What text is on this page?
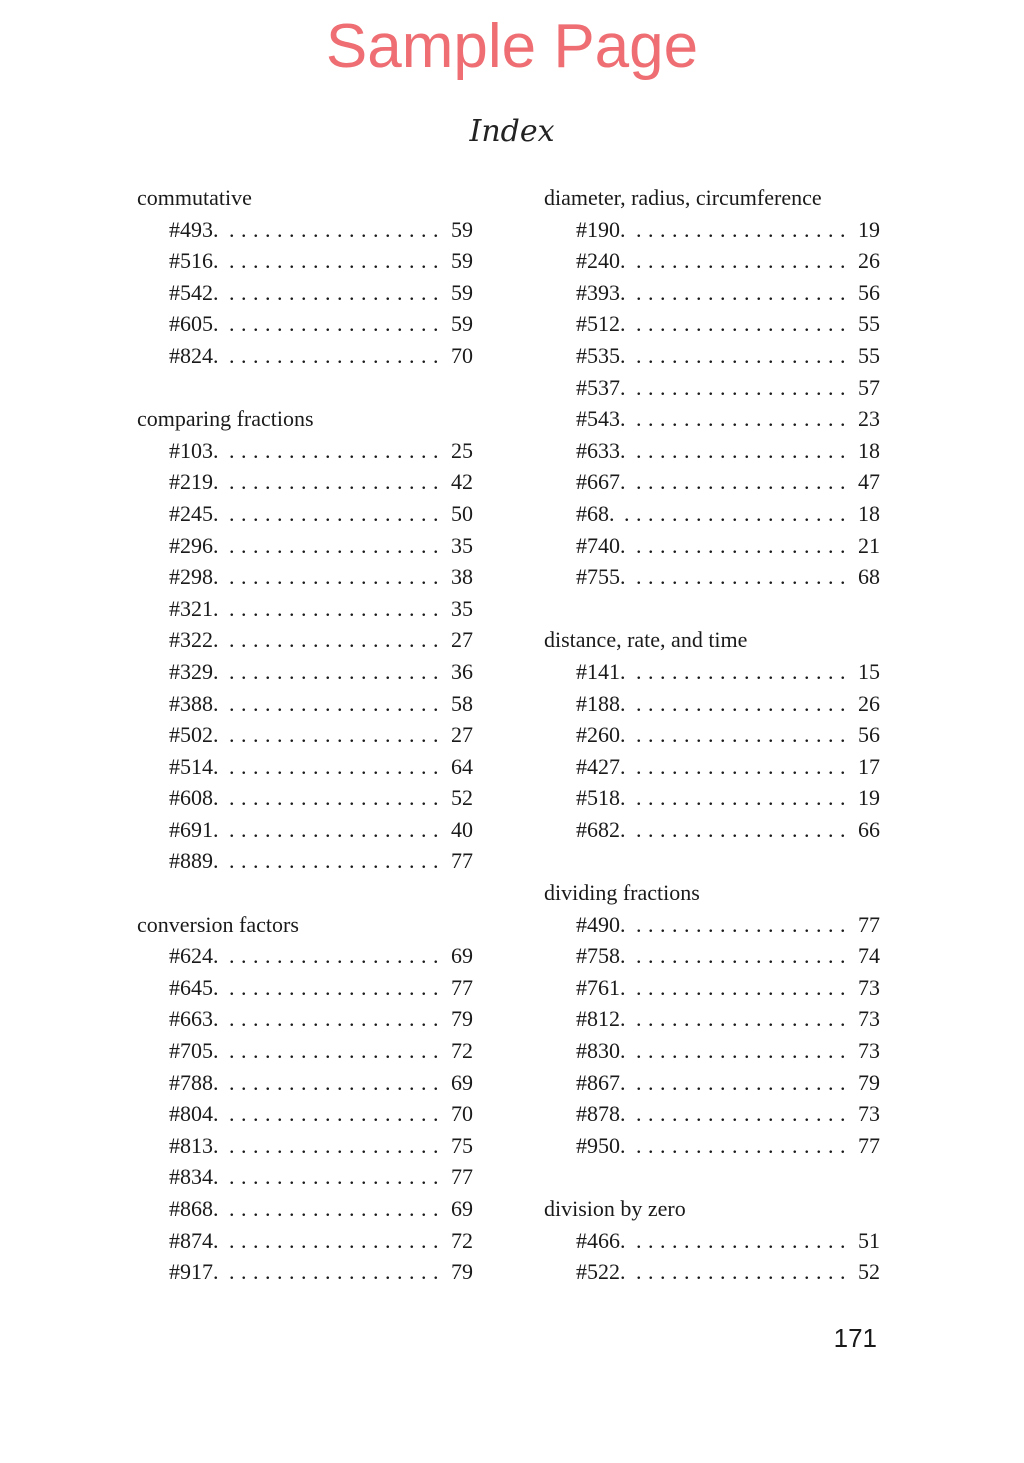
Sample Page
Index
commutative
#493. . . .	59
#516. . . .	59
#542. . . .	59
#605. . . .	59
#824. . . .	70
comparing fractions
#103. . . .	25
#219. . . .	42
#245. . . .	50
#296. . . .	35
#298. . . .	38
#321. . . .	35
#322. . . .	27
#329. . . .	36
#388. . . .	58
#502. . . .	27
#514. . . .	64
#608. . . .	52
#691. . . .	40
#889. . . .	77
conversion factors
#624. . . .	69
#645. . . .	77
#663. . . .	79
#705. . . .	72
#788. . . .	69
#804. . . .	70
#813. . . .	75
#834. . . .	77
#868. . . .	69
#874. . . .	72
#917. . . .	79
diameter, radius, circumference
#190. . . .	19
#240. . . .	26
#393. . . .	56
#512. . . .	55
#535. . . .	55
#537. . . .	57
#543. . . .	23
#633. . . .	18
#667. . . .	47
#68. . . .	18
#740. . . .	21
#755. . . .	68
distance, rate, and time
#141. . . .	15
#188. . . .	26
#260. . . .	56
#427. . . .	17
#518. . . .	19
#682. . . .	66
dividing fractions
#490. . . .	77
#758. . . .	74
#761. . . .	73
#812. . . .	73
#830. . . .	73
#867. . . .	79
#878. . . .	73
#950. . . .	77
division by zero
#466. . . .	51
#522. . . .	52
171
